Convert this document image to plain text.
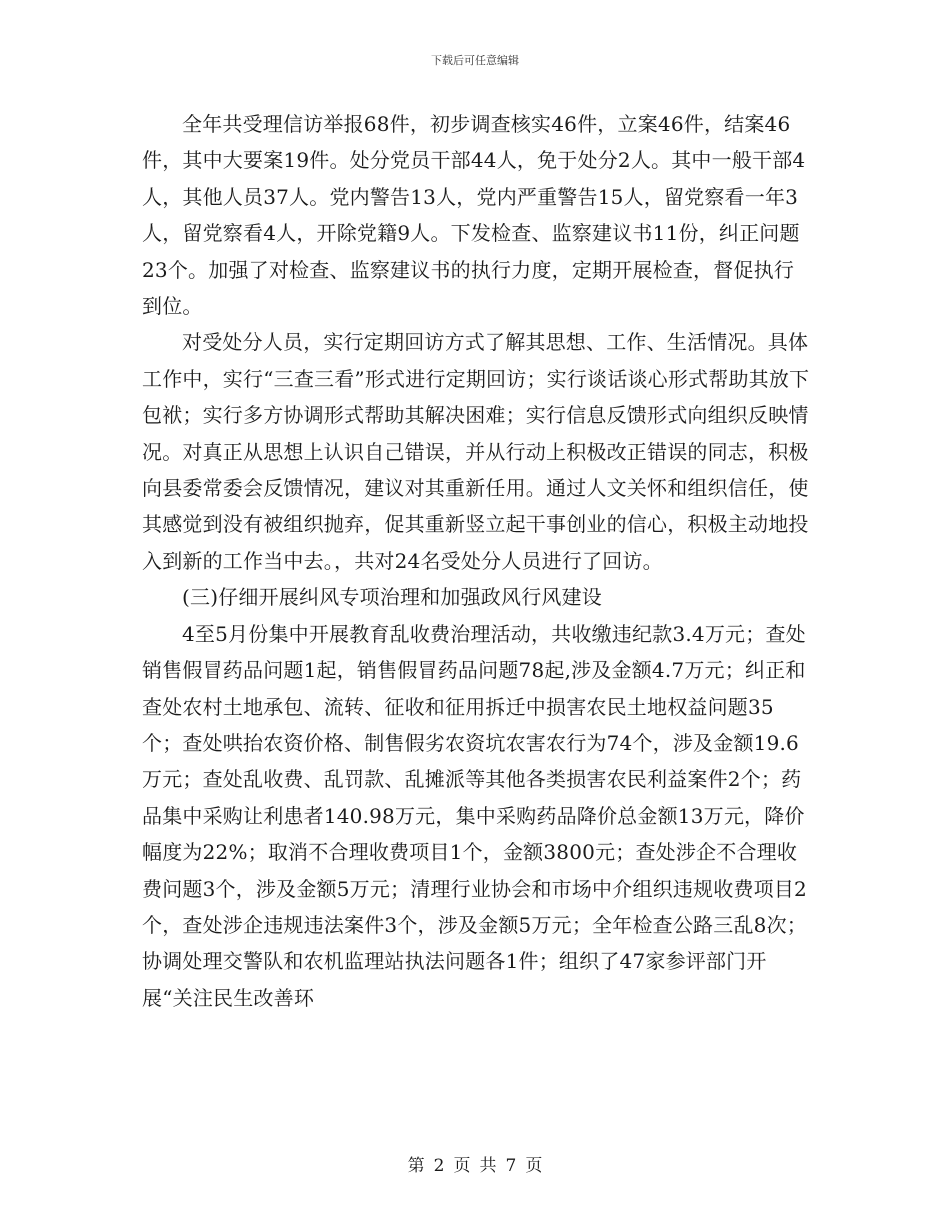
下载后可任意编辑

全年共受理信访举报68件，初步调查核实46件，立案46件，结案46件，其中大要案19件。处分党员干部44人，免于处分2人。其中一般干部4人，其他人员37人。党内警告13人，党内严重警告15人，留党察看一年3人，留党察看4人，开除党籍9人。下发检查、监察建议书11份，纠正问题23个。加强了对检查、监察建议书的执行力度，定期开展检查，督促执行到位。

对受处分人员，实行定期回访方式了解其思想、工作、生活情况。具体工作中，实行“三查三看”形式进行定期回访；实行谈话谈心形式帮助其放下包袱；实行多方协调形式帮助其解决困难；实行信息反馈形式向组织反映情况。对真正从思想上认识自己错误，并从行动上积极改正错误的同志，积极向县委常委会反馈情况，建议对其重新任用。通过人文关怀和组织信任，使其感觉到没有被组织抛弃，促其重新竖立起干事创业的信心，积极主动地投入到新的工作当中去。，共对24名受处分人员进行了回访。

(三)仔细开展纠风专项治理和加强政风行风建设

4至5月份集中开展教育乱收费治理活动，共收缴违纪款3.4万元；查处销售假冒药品问题1起，销售假冒药品问题78起,涉及金额4.7万元；纠正和查处农村土地承包、流转、征收和征用拆迁中损害农民土地权益问题35个；查处哄抬农资价格、制售假劣农资坑农害农行为74个，涉及金额19.6万元；查处乱收费、乱罚款、乱摊派等其他各类损害农民利益案件2个；药品集中采购让利患者140.98万元，集中采购药品降价总金额13万元，降价幅度为22%；取消不合理收费项目1个，金额3800元；查处涉企不合理收费问题3个，涉及金额5万元；清理行业协会和市场中介组织违规收费项目2个，查处涉企违规违法案件3个，涉及金额5万元；全年检查公路三乱8次；协调处理交警队和农机监理站执法问题各1件；组织了47家参评部门开展“关注民生改善环

第 2 页 共 7 页
